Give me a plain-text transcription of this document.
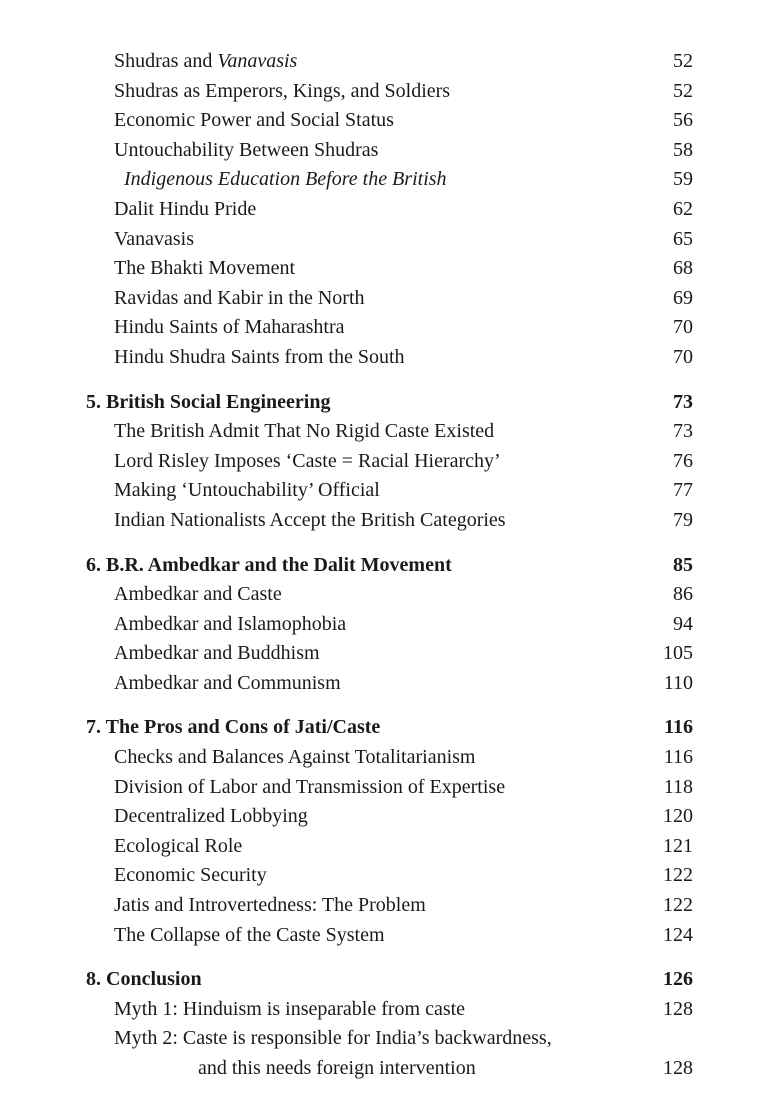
Shudras and Vanavasis	52
Shudras as Emperors, Kings, and Soldiers	52
Economic Power and Social Status	56
Untouchability Between Shudras	58
Indigenous Education Before the British	59
Dalit Hindu Pride	62
Vanavasis	65
The Bhakti Movement	68
Ravidas and Kabir in the North	69
Hindu Saints of Maharashtra	70
Hindu Shudra Saints from the South	70
5. British Social Engineering	73
The British Admit That No Rigid Caste Existed	73
Lord Risley Imposes ‘Caste = Racial Hierarchy’	76
Making ‘Untouchability’ Official	77
Indian Nationalists Accept the British Categories	79
6. B.R. Ambedkar and the Dalit Movement	85
Ambedkar and Caste	86
Ambedkar and Islamophobia	94
Ambedkar and Buddhism	105
Ambedkar and Communism	110
7. The Pros and Cons of Jati/Caste	116
Checks and Balances Against Totalitarianism	116
Division of Labor and Transmission of Expertise	118
Decentralized Lobbying	120
Ecological Role	121
Economic Security	122
Jatis and Introvertedness: The Problem	122
The Collapse of the Caste System	124
8. Conclusion	126
Myth 1: Hinduism is inseparable from caste	128
Myth 2: Caste is responsible for India’s backwardness,
and this needs foreign intervention	128
